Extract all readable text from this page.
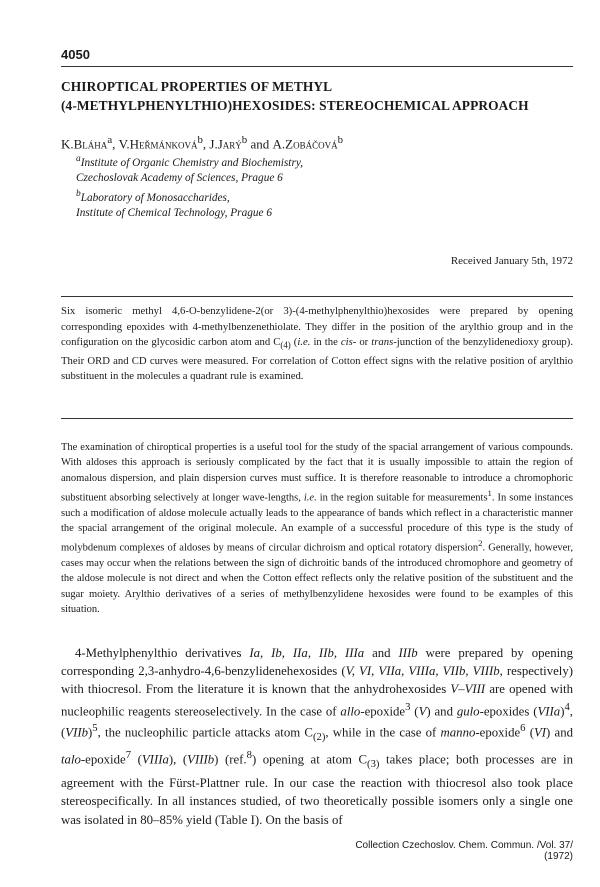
4050
CHIROPTICAL PROPERTIES OF METHYL
(4-METHYLPHENYLTHIO)HEXOSIDES: STEREOCHEMICAL APPROACH
K.Bláha$^a$, V.Heřmánková$^b$, J.Jarý$^b$ and A.Zobáčová$^b$
$^a$Institute of Organic Chemistry and Biochemistry,
Czechoslovak Academy of Sciences, Prague 6
$^b$Laboratory of Monosaccharides,
Institute of Chemical Technology, Prague 6
Received January 5th, 1972

Six isomeric methyl 4,6-O-benzylidene-2(or 3)-(4-methylphenylthio)hexosides were prepared by opening corresponding epoxides with 4-methylbenzenethiolate. They differ in the position of the arylthio group and in the configuration on the glycosidic carbon atom and $C_{(4)}$ (i.e. in the cis- or trans-junction of the benzylidenedioxy group). Their ORD and CD curves were measured. For correlation of Cotton effect signs with the relative position of arylthio substituent in the molecules a quadrant rule is examined.

The examination of chiroptical properties is a useful tool for the study of the spacial arrangement of various compounds. With aldoses this approach is seriously complicated by the fact that it is usually impossible to attain the region of anomalous dispersion, and plain dispersion curves must suffice. It is therefore reasonable to introduce a chromophoric substituent absorbing selectively at longer wave-lengths, i.e. in the region suitable for measurements$^1$. In some instances such a modification of aldose molecule actually leads to the appearance of bands which reflect in a characteristic manner the spacial arrangement of the original molecule. An example of a successful procedure of this type is the study of molybdenum complexes of aldoses by means of circular dichroism and optical rotatory dispersion$^2$. Generally, however, cases may occur when the relations between the sign of dichroitic bands of the introduced chromophore and geometry of the aldose molecule is not direct and when the Cotton effect reflects only the relative position of the substituent and the sugar moiety. Arylthio derivatives of a series of methylbenzylidene hexosides were found to be examples of this situation.

4-Methylphenylthio derivatives Ia, Ib, IIa, IIb, IIIa and IIIb were prepared by opening corresponding 2,3-anhydro-4,6-benzylidenehexosides (V, VI, VIIa, VIIIa, VIIb, VIIIb, respectively) with thiocresol. From the literature it is known that the anhydrohexosides V–VIII are opened with nucleophilic reagents stereoselectively. In the case of allo-epoxide$^3$ (V) and gulo-epoxides (VIIa)$^4$, (VIIb)$^5$, the nucleophilic particle attacks atom $C_{(2)}$, while in the case of manno-epoxide$^6$ (VI) and talo-epoxide$^7$ (VIIIa), (VIIIb) (ref.$^8$) opening at atom $C_{(3)}$ takes place; both processes are in agreement with the Fürst-Plattner rule. In our case the reaction with thiocresol also took place stereospecifically. In all instances studied, of two theoretically possible isomers only a single one was isolated in 80–85% yield (Table I). On the basis of

Collection Czechoslov. Chem. Commun. /Vol. 37/ (1972)
